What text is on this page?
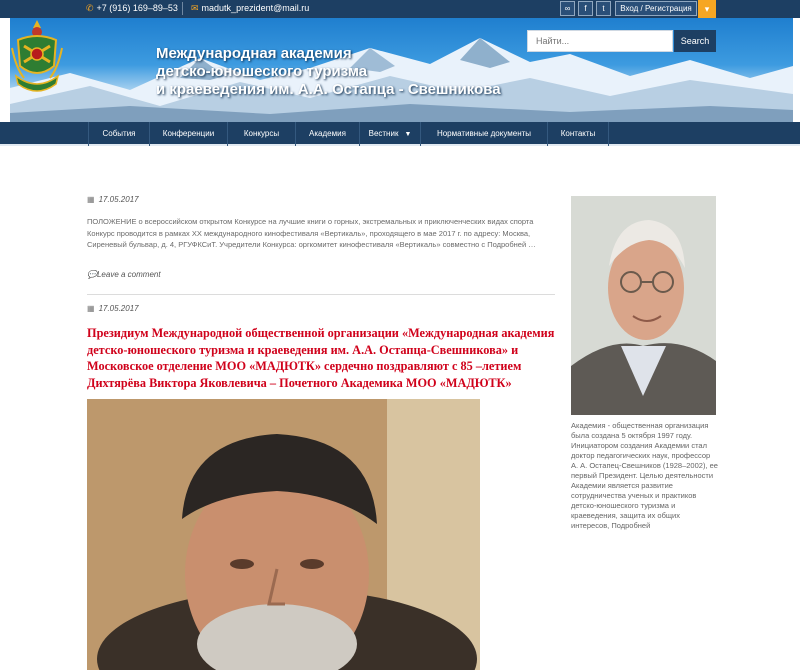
✆ +7 (916) 169–89–53 ✉ madutk_prezident@mail.ru	∞	f	t	Вход / Регистрация	▾
Международная академия
детско-юношеского туризма
и краеведения им. А.А. Остапца - Свешникова
Найти...
Search
События	Конференции	Конкурсы	Академия	Вестник ▼	Нормативные документы	Контакты
▦ 17.05.2017
ПОЛОЖЕНИЕ о всероссийском открытом Конкурсе на лучшие книги о горных, экстремальных и приключенческих видах спорта Конкурс проводится в рамках XX международного кинофестиваля «Вертикаль», проходящего в мае 2017 г. по адресу: Москва, Сиреневый бульвар, д. 4, РГУФКСиТ. Учредители Конкурса: оргкомитет кинофестиваля «Вертикаль» совместно с Подробней …
💬Leave a comment
▦ 17.05.2017
Президиум Международной общественной организации «Международная академия детско-юношеского туризма и краеведения им. А.А. Остапца-Свешникова» и Московское отделение МОО «МАДЮТК» сердечно поздравляют с 85 –летием Дихтярёва Виктора Яковлевича – Почетного Академика МОО «МАДЮТК»
Академия - общественная организация была создана 5 октября 1997 году. Инициатором создания Академии стал доктор педагогических наук, профессор А. А. Остапец-Свешников (1928–2002), ее первый Президент. Целью деятельности Академии является развитие сотрудничества ученых и практиков детско-юношеского туризма и краеведения, защита их общих интересов, Подробней
